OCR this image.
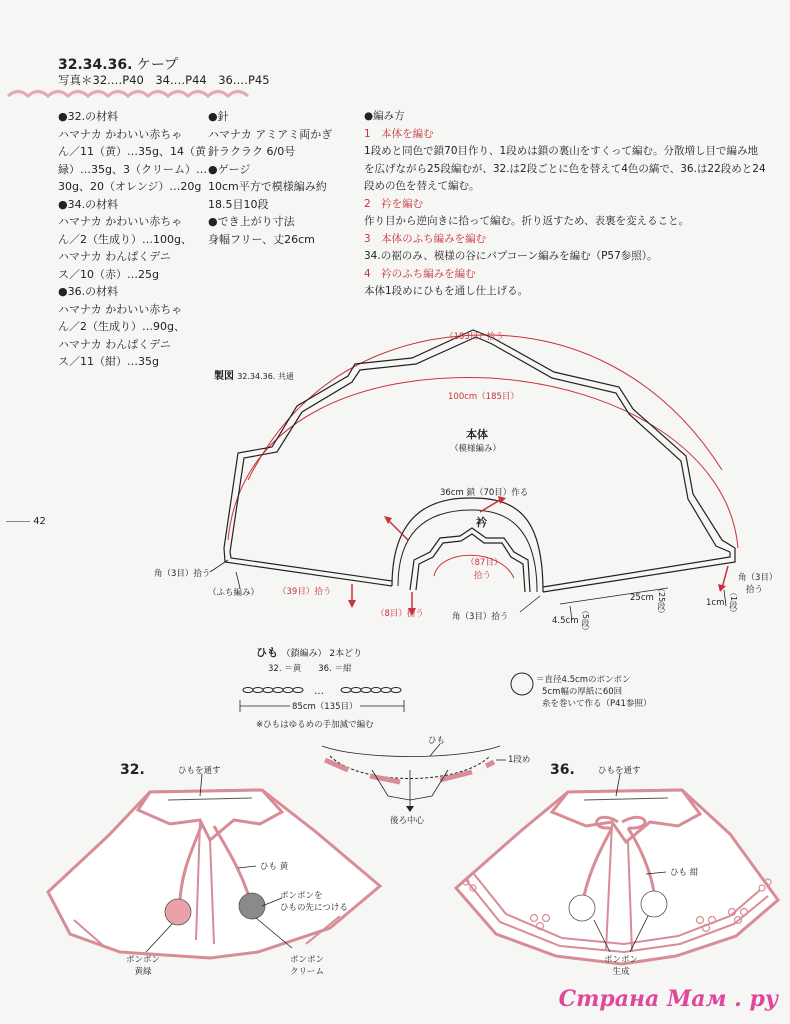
32.34.36. ケープ
写真＊32.…P40　34.…P44　36.…P45
42
●32.の材料
ハマナカ かわいい赤ちゃ
ん／11（黄）…35g、14（黄
緑）…35g、3（クリーム）…
30g、20（オレンジ）…20g
●34.の材料
ハマナカ かわいい赤ちゃ
ん／2（生成り）…100g、
ハマナカ わんぱくデニ
ス／10（赤）…25g
●36.の材料
ハマナカ かわいい赤ちゃ
ん／2（生成り）…90g、
ハマナカ わんぱくデニ
ス／11（紺）…35g
●針
ハマナカ アミアミ両かぎ
針ラクラク 6/0号
●ゲージ
10cm平方で模様編み約
18.5目10段
●でき上がり寸法
身幅フリー、丈26cm
●編み方
1　本体を編む
1段めと同色で鎖70目作り、1段めは鎖の裏山をすくって編む。分散増し目で編み地
を広げながら25段編むが、32.は2段ごとに色を替えて4色の縞で、36.は22段めと24
段めの色を替えて編む。
2　衿を編む
作り目から逆向きに拾って編む。折り返すため、表裏を変えること。
3　本体のふち編みを編む
34.の裾のみ、模様の谷にパプコーン編みを編む（P57参照）。
4　衿のふち編みを編む
本体1段めにひもを通し仕上げる。
製図 32.34.36. 共通
（183目）拾う
100cm（185目）
本体
（模様編み）
36cm 鎖（70目）作る
衿
（87目）
拾う
角（3目）拾う
（ふち編み） （39目）拾う
（8目）拾う	角（3目）拾う
角（3目）
拾う
25cm （25段）
4.5cm （5段）
1cm （1段）
ひも （鎖編み） 2本どり
32. ＝黄　　36. ＝紺
…
85cm（135目）
※ひもはゆるめの手加減で編む
＝直径4.5cmのポンポン
5cm幅の厚紙に60回
糸を巻いて作る（P41参照）
ひも
1段め
後ろ中心
32.	ひもを通す
ひも 黄
ポンポンを
ひもの先につける
ポンポン
黄緑
ポンポン
クリーム
36.	ひもを通す
ひも 紺
ポンポン
生成
Страна Мам . ру
